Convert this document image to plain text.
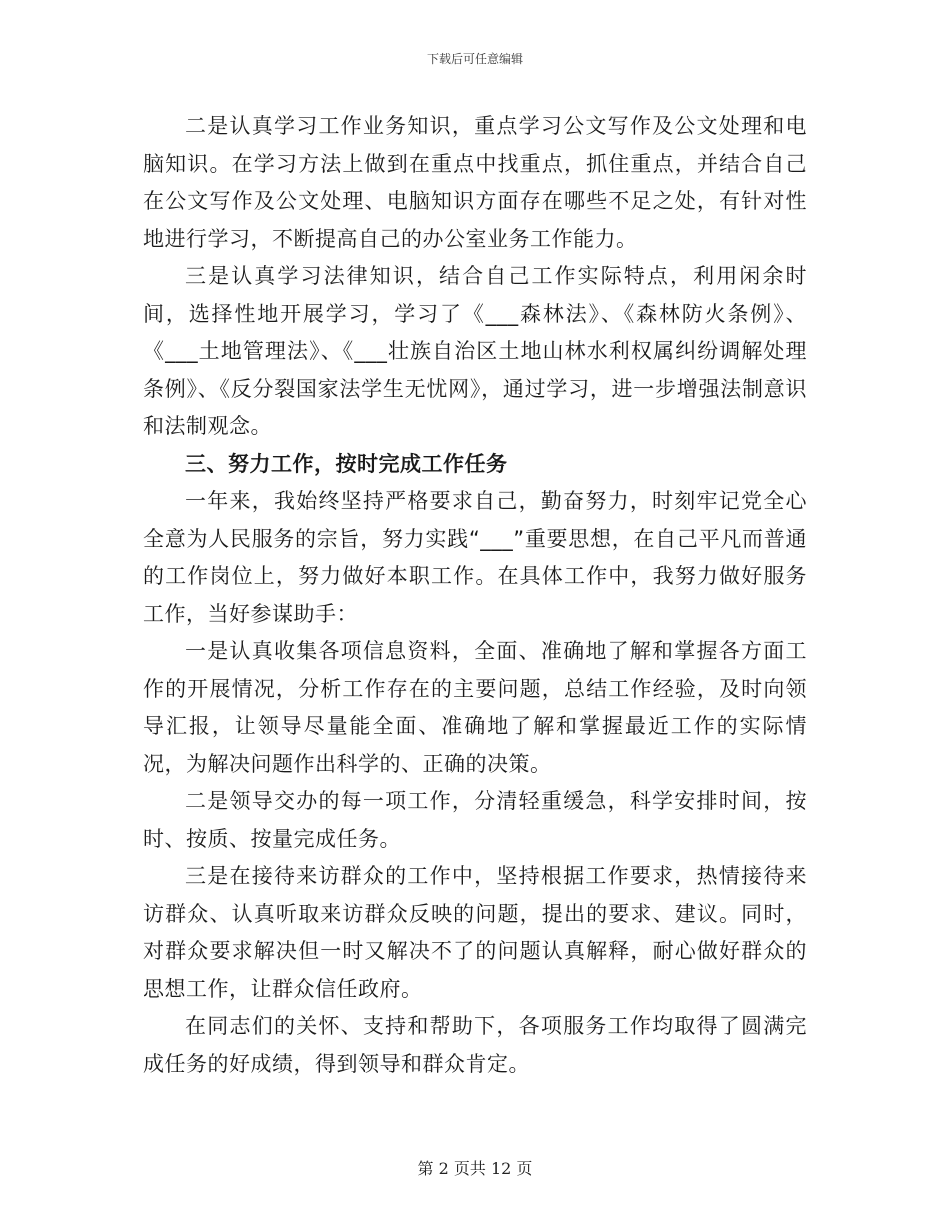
下载后可任意编辑

二是认真学习工作业务知识，重点学习公文写作及公文处理和电脑知识。在学习方法上做到在重点中找重点，抓住重点，并结合自己在公文写作及公文处理、电脑知识方面存在哪些不足之处，有针对性地进行学习，不断提高自己的办公室业务工作能力。

三是认真学习法律知识，结合自己工作实际特点，利用闲余时间，选择性地开展学习，学习了《___森林法》、《森林防火条例》、《___土地管理法》、《___壮族自治区土地山林水利权属纠纷调解处理条例》、《反分裂国家法学生无忧网》，通过学习，进一步增强法制意识和法制观念。

三、努力工作，按时完成工作任务

一年来，我始终坚持严格要求自己，勤奋努力，时刻牢记党全心全意为人民服务的宗旨，努力实践“___”重要思想，在自己平凡而普通的工作岗位上，努力做好本职工作。在具体工作中，我努力做好服务工作，当好参谋助手：

一是认真收集各项信息资料，全面、准确地了解和掌握各方面工作的开展情况，分析工作存在的主要问题，总结工作经验，及时向领导汇报，让领导尽量能全面、准确地了解和掌握最近工作的实际情况，为解决问题作出科学的、正确的决策。

二是领导交办的每一项工作，分清轻重缓急，科学安排时间，按时、按质、按量完成任务。

三是在接待来访群众的工作中，坚持根据工作要求，热情接待来访群众、认真听取来访群众反映的问题，提出的要求、建议。同时，对群众要求解决但一时又解决不了的问题认真解释，耐心做好群众的思想工作，让群众信任政府。

在同志们的关怀、支持和帮助下，各项服务工作均取得了圆满完成任务的好成绩，得到领导和群众肯定。

第 2 页共 12 页
